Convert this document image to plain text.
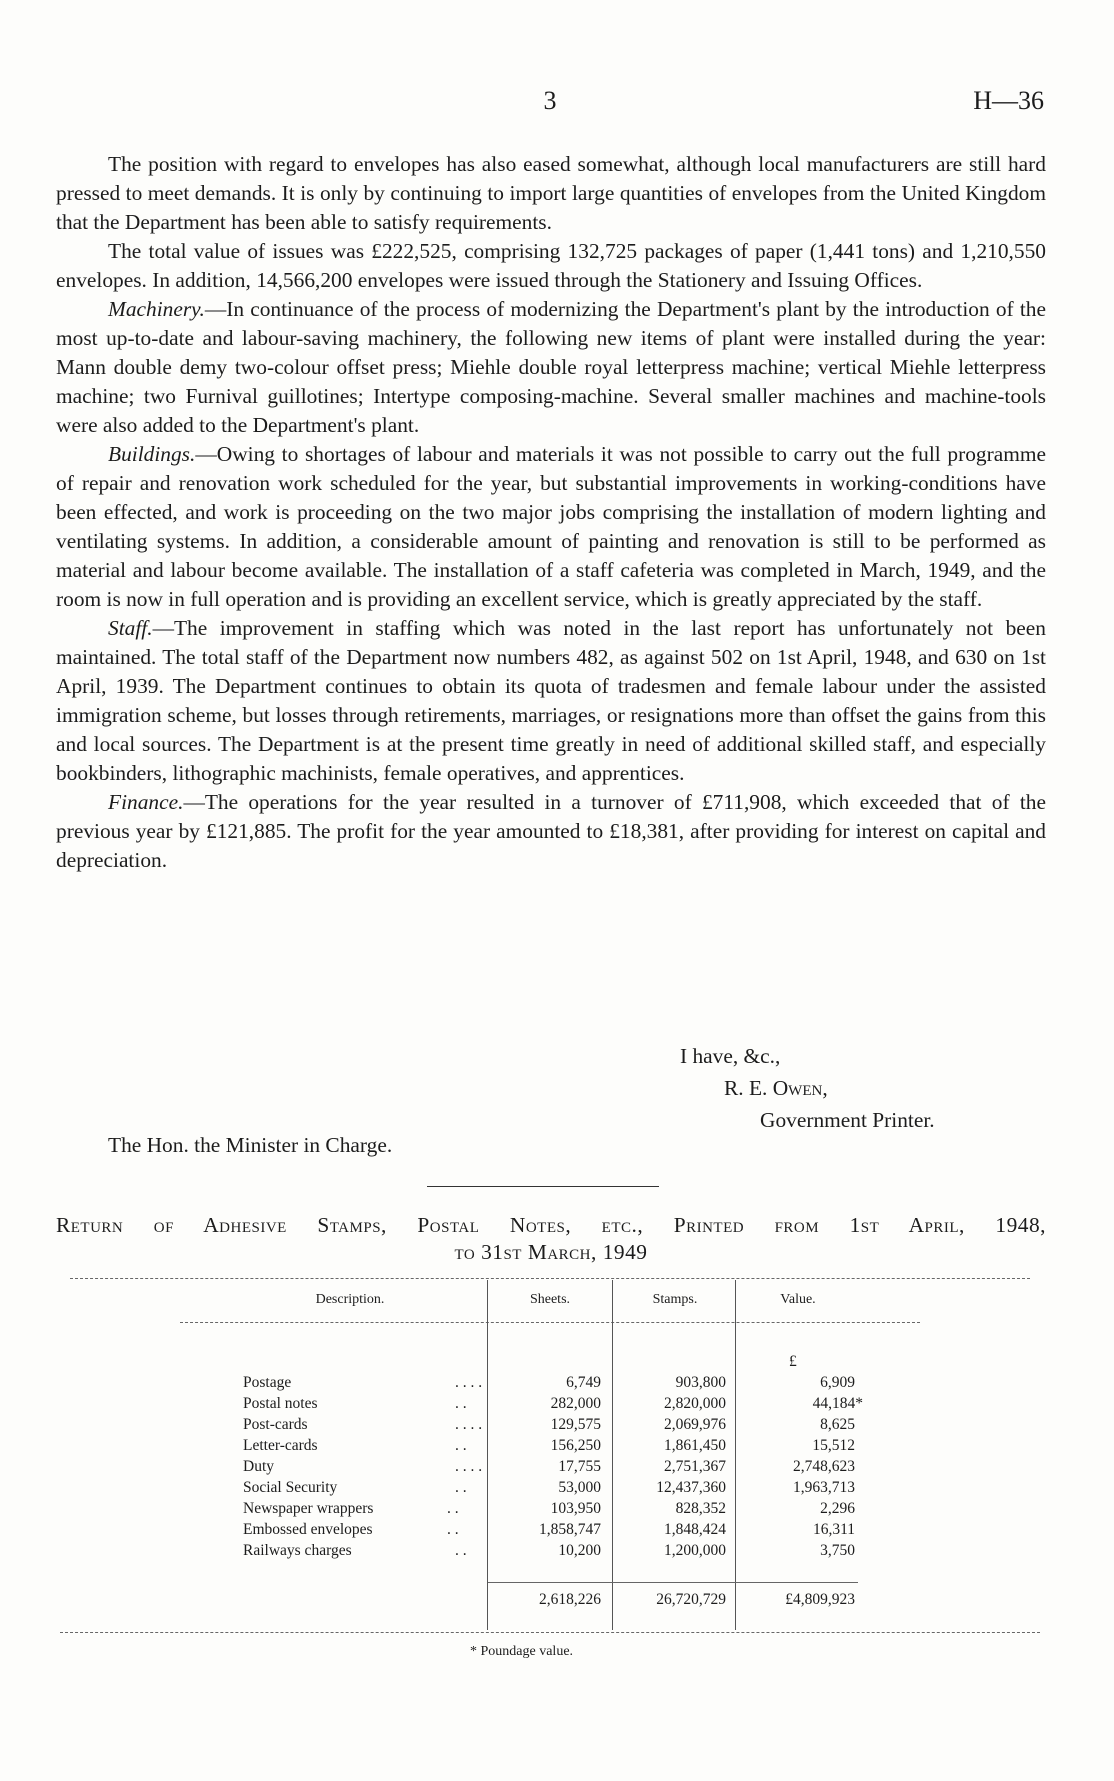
3	H—36

The position with regard to envelopes has also eased somewhat, although local manufacturers are still hard pressed to meet demands. It is only by continuing to import large quantities of envelopes from the United Kingdom that the Department has been able to satisfy requirements.

The total value of issues was £222,525, comprising 132,725 packages of paper (1,441 tons) and 1,210,550 envelopes. In addition, 14,566,200 envelopes were issued through the Stationery and Issuing Offices.

Machinery.—In continuance of the process of modernizing the Department's plant by the introduction of the most up-to-date and labour-saving machinery, the following new items of plant were installed during the year: Mann double demy two-colour offset press; Miehle double royal letterpress machine; vertical Miehle letterpress machine; two Furnival guillotines; Intertype composing-machine. Several smaller machines and machine-tools were also added to the Department's plant.

Buildings.—Owing to shortages of labour and materials it was not possible to carry out the full programme of repair and renovation work scheduled for the year, but substantial improvements in working-conditions have been effected, and work is proceeding on the two major jobs comprising the installation of modern lighting and ventilating systems. In addition, a considerable amount of painting and renovation is still to be performed as material and labour become available. The installation of a staff cafeteria was completed in March, 1949, and the room is now in full operation and is providing an excellent service, which is greatly appreciated by the staff.

Staff.—The improvement in staffing which was noted in the last report has unfortunately not been maintained. The total staff of the Department now numbers 482, as against 502 on 1st April, 1948, and 630 on 1st April, 1939. The Department continues to obtain its quota of tradesmen and female labour under the assisted immigration scheme, but losses through retirements, marriages, or resignations more than offset the gains from this and local sources. The Department is at the present time greatly in need of additional skilled staff, and especially bookbinders, lithographic machinists, female operatives, and apprentices.

Finance.—The operations for the year resulted in a turnover of £711,908, which exceeded that of the previous year by £121,885. The profit for the year amounted to £18,381, after providing for interest on capital and depreciation.

I have, &c.,
R. E. Owen,
Government Printer.
The Hon. the Minister in Charge.
Return of Adhesive Stamps, Postal Notes, etc., Printed from 1st April, 1948,
to 31st March, 1949
Description.	Sheets.	Stamps.	Value.
£
Postage	. . . .	6,749	903,800	6,909
Postal notes	. .	282,000	2,820,000	44,184*
Post-cards	. . . .	129,575	2,069,976	8,625
Letter-cards	. .	156,250	1,861,450	15,512
Duty	. . . .	17,755	2,751,367	2,748,623
Social Security	. .	53,000	12,437,360	1,963,713
Newspaper wrappers	. .	103,950	828,352	2,296
Embossed envelopes	. .	1,858,747	1,848,424	16,311
Railways charges	. .	10,200	1,200,000	3,750
2,618,226	26,720,729	£4,809,923
* Poundage value.
